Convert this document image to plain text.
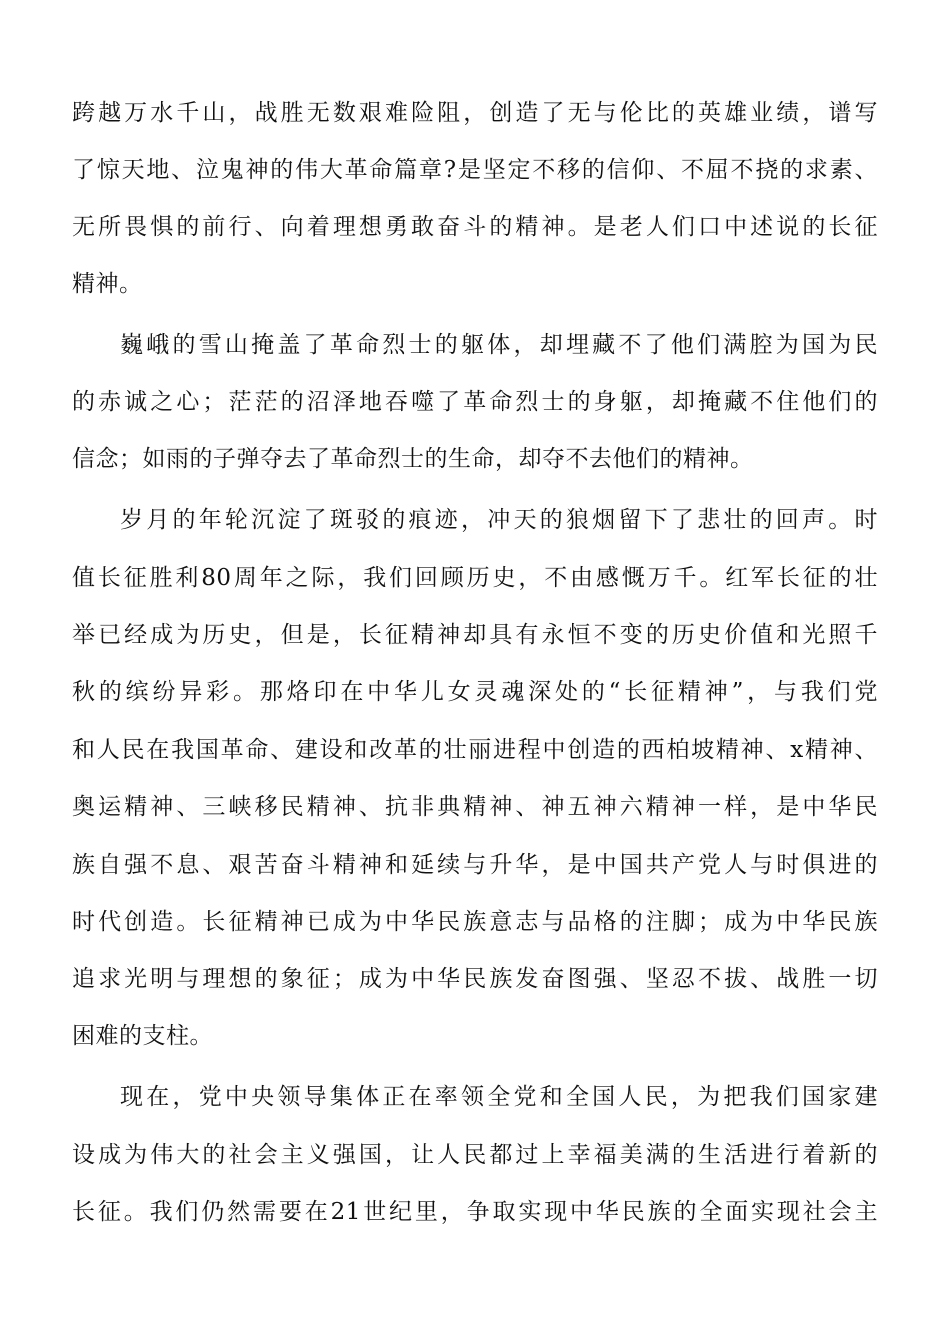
跨越万水千山，战胜无数艰难险阻，创造了无与伦比的英雄业绩，谱写
了惊天地、泣鬼神的伟大革命篇章?是坚定不移的信仰、不屈不挠的求素、
无所畏惧的前行、向着理想勇敢奋斗的精神。是老人们口中述说的长征
精神。
巍峨的雪山掩盖了革命烈士的躯体，却埋藏不了他们满腔为国为民
的赤诚之心；茫茫的沼泽地吞噬了革命烈士的身躯，却掩藏不住他们的
信念；如雨的子弹夺去了革命烈士的生命，却夺不去他们的精神。
岁月的年轮沉淀了斑驳的痕迹，冲天的狼烟留下了悲壮的回声。时
值长征胜利80周年之际，我们回顾历史，不由感慨万千。红军长征的壮
举已经成为历史，但是，长征精神却具有永恒不变的历史价值和光照千
秋的缤纷异彩。那烙印在中华儿女灵魂深处的“长征精神”，与我们党
和人民在我国革命、建设和改革的壮丽进程中创造的西柏坡精神、x精神、
奥运精神、三峡移民精神、抗非典精神、神五神六精神一样，是中华民
族自强不息、艰苦奋斗精神和延续与升华，是中国共产党人与时俱进的
时代创造。长征精神已成为中华民族意志与品格的注脚；成为中华民族
追求光明与理想的象征；成为中华民族发奋图强、坚忍不拔、战胜一切
困难的支柱。
现在，党中央领导集体正在率领全党和全国人民，为把我们国家建
设成为伟大的社会主义强国，让人民都过上幸福美满的生活进行着新的
长征。我们仍然需要在21世纪里，争取实现中华民族的全面实现社会主
